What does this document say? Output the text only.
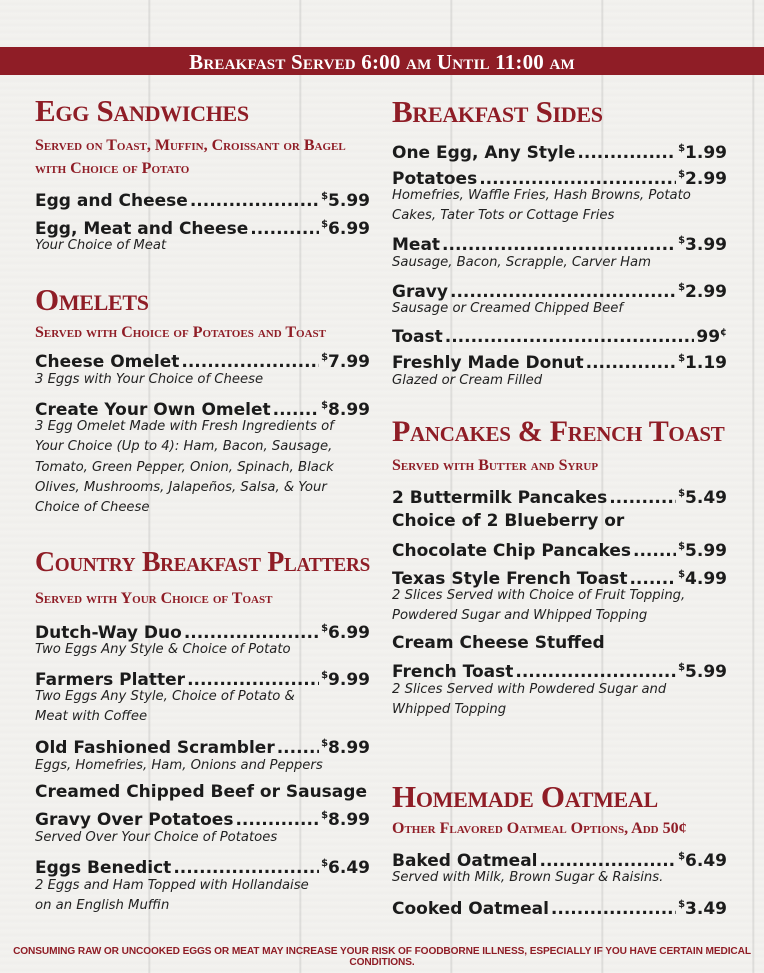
Breakfast Served 6:00 am Until 11:00 am
Egg Sandwiches
Served on Toast, Muffin, Croissant or Bagel
with Choice of Potato
Egg and Cheese .....	$5.99
Egg, Meat and Cheese .....	$6.99
Your Choice of Meat
Omelets
Served with Choice of Potatoes and Toast
Cheese Omelet .....	$7.99
3 Eggs with Your Choice of Cheese
Create Your Own Omelet .....	$8.99
3 Egg Omelet Made with Fresh Ingredients of
Your Choice (Up to 4): Ham, Bacon, Sausage,
Tomato, Green Pepper, Onion, Spinach, Black
Olives, Mushrooms, Jalapeños, Salsa, & Your
Choice of Cheese
Country Breakfast Platters
Served with Your Choice of Toast
Dutch-Way Duo .....	$6.99
Two Eggs Any Style & Choice of Potato
Farmers Platter .....	$9.99
Two Eggs Any Style, Choice of Potato &
Meat with Coffee
Old Fashioned Scrambler .....	$8.99
Eggs, Homefries, Ham, Onions and Peppers
Creamed Chipped Beef or Sausage
Gravy Over Potatoes .....	$8.99
Served Over Your Choice of Potatoes
Eggs Benedict .....	$6.49
2 Eggs and Ham Topped with Hollandaise
on an English Muffin
Breakfast Sides
One Egg, Any Style .....	$1.99
Potatoes .....	$2.99
Homefries, Waffle Fries, Hash Browns, Potato
Cakes, Tater Tots or Cottage Fries
Meat .....	$3.99
Sausage, Bacon, Scrapple, Carver Ham
Gravy .....	$2.99
Sausage or Creamed Chipped Beef
Toast .....	99¢
Freshly Made Donut .....	$1.19
Glazed or Cream Filled
Pancakes & French Toast
Served with Butter and Syrup
2 Buttermilk Pancakes .....	$5.49
Choice of 2 Blueberry or
Chocolate Chip Pancakes .....	$5.99
Texas Style French Toast .....	$4.99
2 Slices Served with Choice of Fruit Topping,
Powdered Sugar and Whipped Topping
Cream Cheese Stuffed
French Toast .....	$5.99
2 Slices Served with Powdered Sugar and
Whipped Topping
Homemade Oatmeal
Other Flavored Oatmeal Options, Add 50¢
Baked Oatmeal .....	$6.49
Served with Milk, Brown Sugar & Raisins.
Cooked Oatmeal .....	$3.49
CONSUMING RAW OR UNCOOKED EGGS OR MEAT MAY INCREASE YOUR RISK OF FOODBORNE ILLNESS, ESPECIALLY IF YOU HAVE CERTAIN MEDICAL CONDITIONS.
